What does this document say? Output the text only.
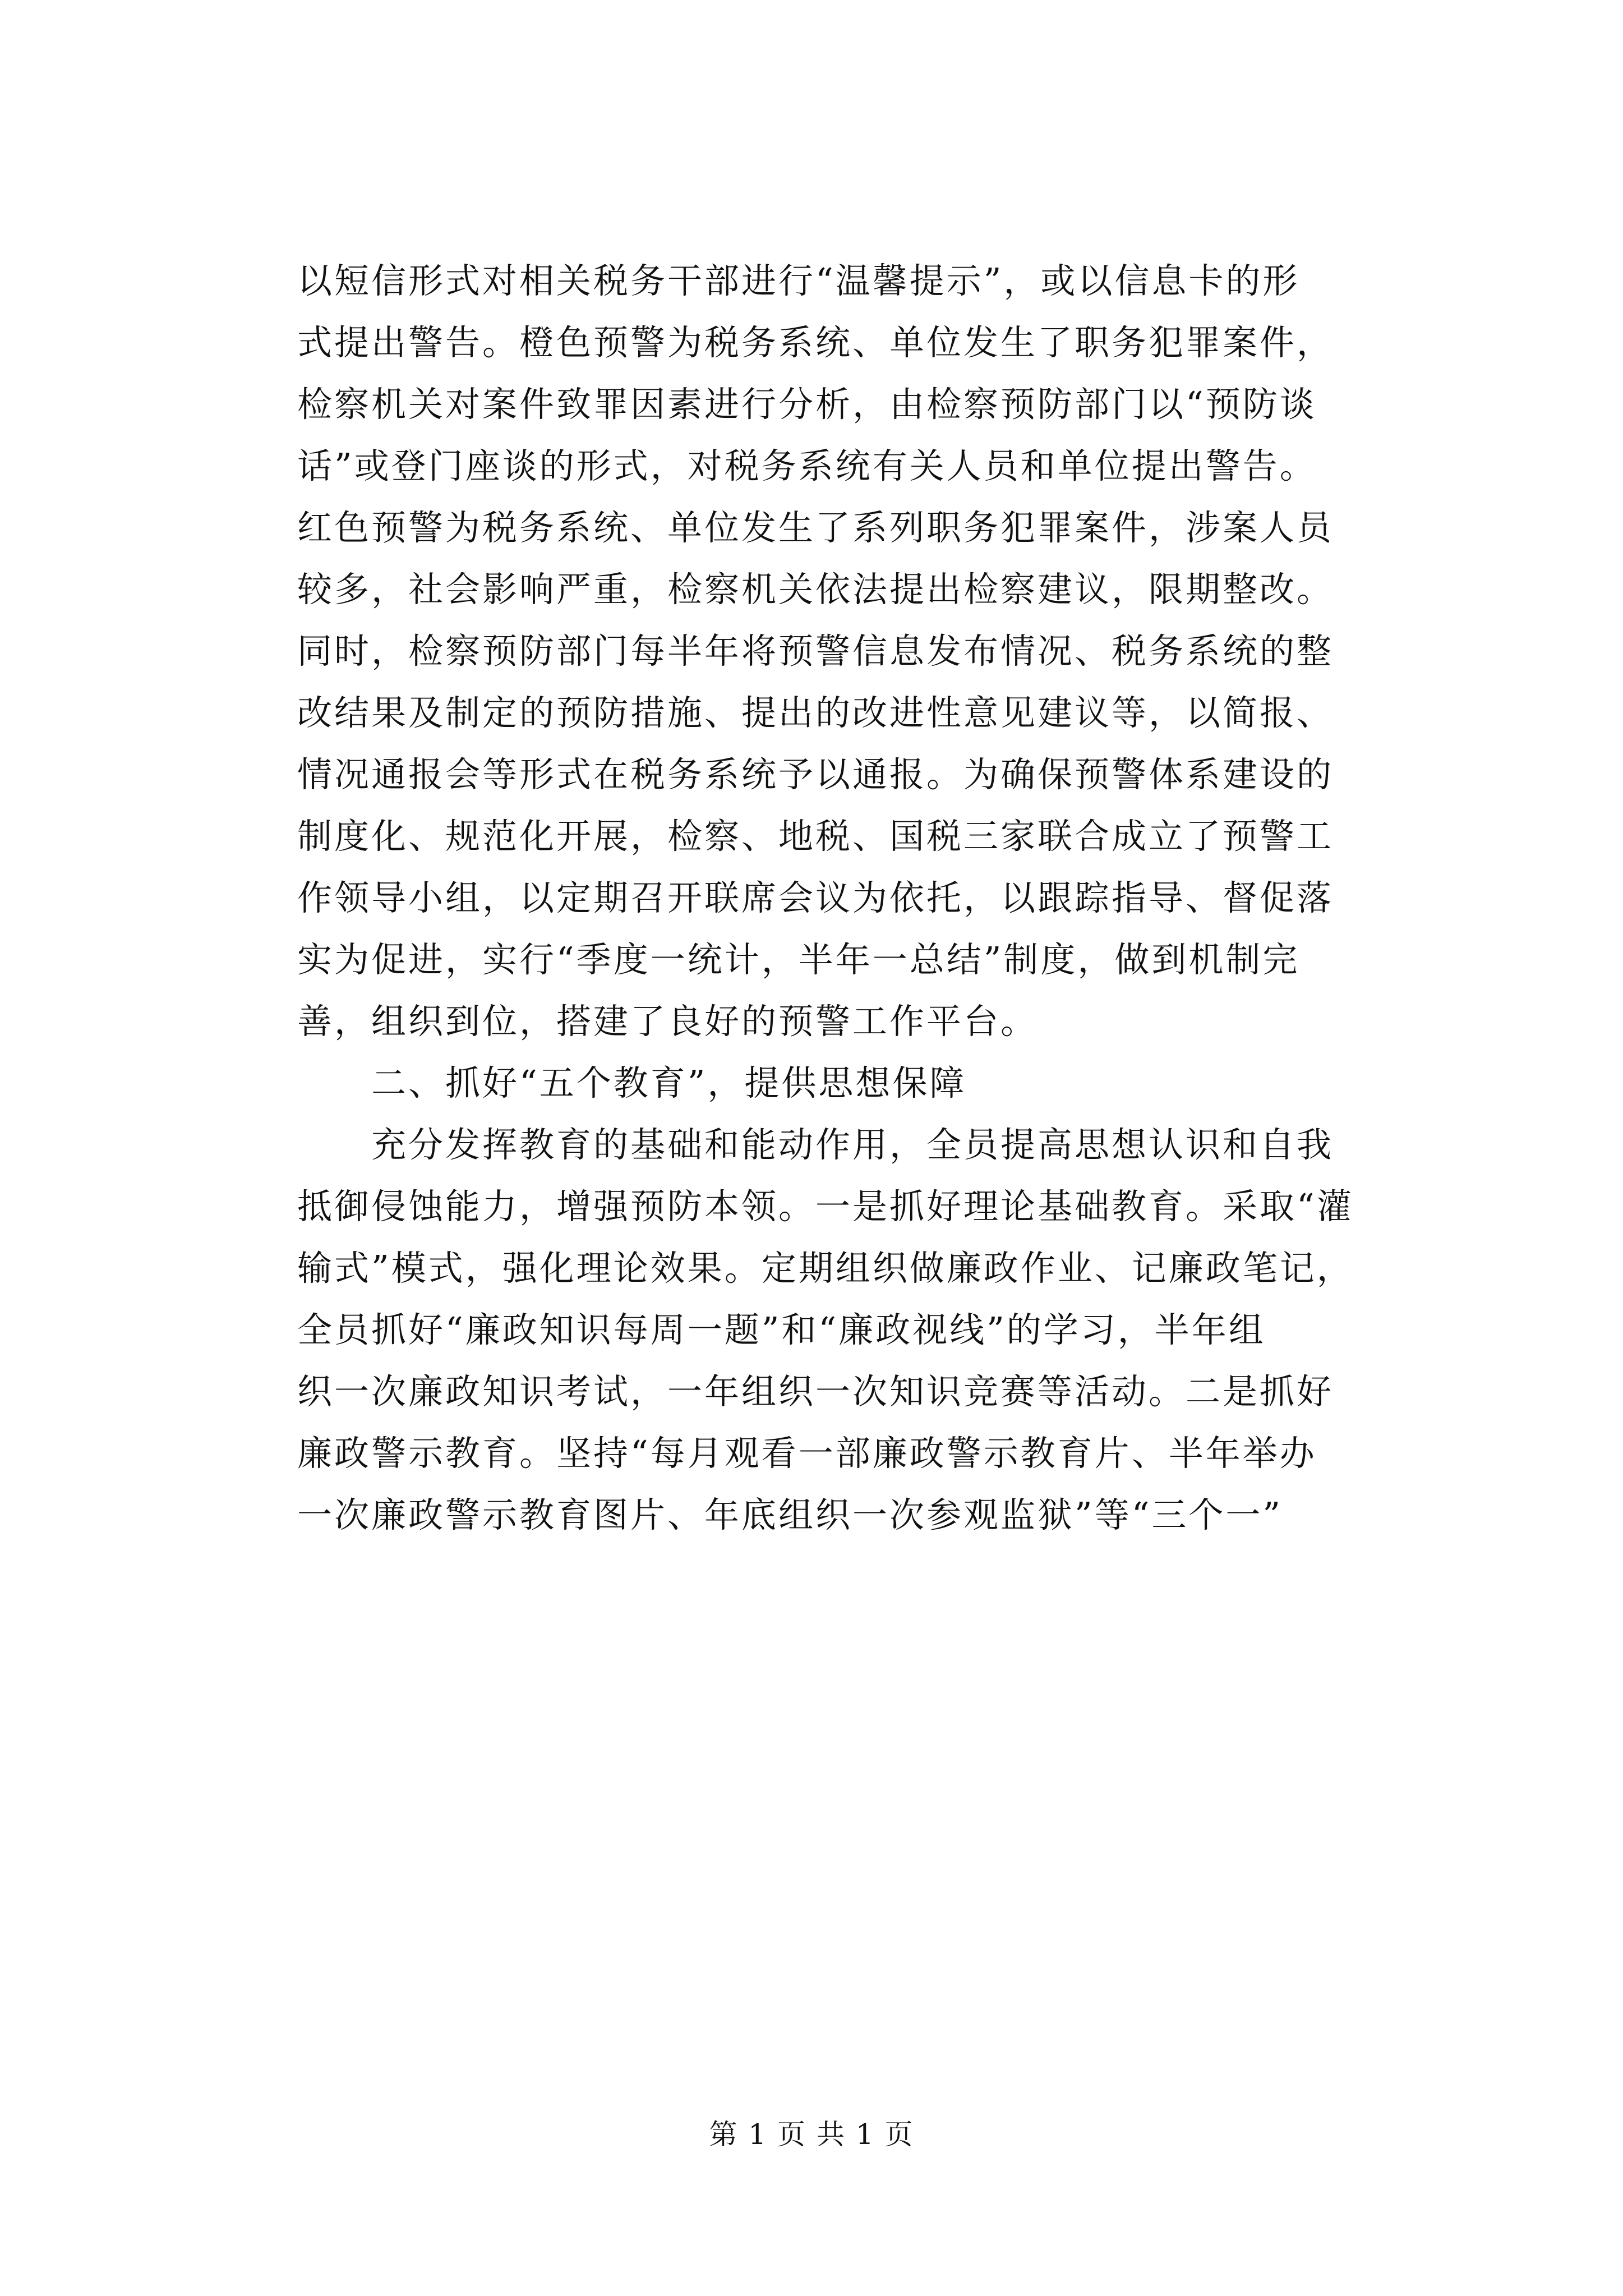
以短信形式对相关税务干部进行“温馨提示”，或以信息卡的形
式提出警告。橙色预警为税务系统、单位发生了职务犯罪案件，
检察机关对案件致罪因素进行分析，由检察预防部门以“预防谈
话”或登门座谈的形式，对税务系统有关人员和单位提出警告。
红色预警为税务系统、单位发生了系列职务犯罪案件，涉案人员
较多，社会影响严重，检察机关依法提出检察建议，限期整改。
同时，检察预防部门每半年将预警信息发布情况、税务系统的整
改结果及制定的预防措施、提出的改进性意见建议等，以简报、
情况通报会等形式在税务系统予以通报。为确保预警体系建设的
制度化、规范化开展，检察、地税、国税三家联合成立了预警工
作领导小组，以定期召开联席会议为依托，以跟踪指导、督促落
实为促进，实行“季度一统计，半年一总结”制度，做到机制完
善，组织到位，搭建了良好的预警工作平台。
二、抓好“五个教育”，提供思想保障
充分发挥教育的基础和能动作用，全员提高思想认识和自我
抵御侵蚀能力，增强预防本领。一是抓好理论基础教育。采取“灌
输式”模式，强化理论效果。定期组织做廉政作业、记廉政笔记，
全员抓好“廉政知识每周一题”和“廉政视线”的学习，半年组
织一次廉政知识考试，一年组织一次知识竞赛等活动。二是抓好
廉政警示教育。坚持“每月观看一部廉政警示教育片、半年举办
一次廉政警示教育图片、年底组织一次参观监狱”等“三个一”
第 1 页 共 1 页
